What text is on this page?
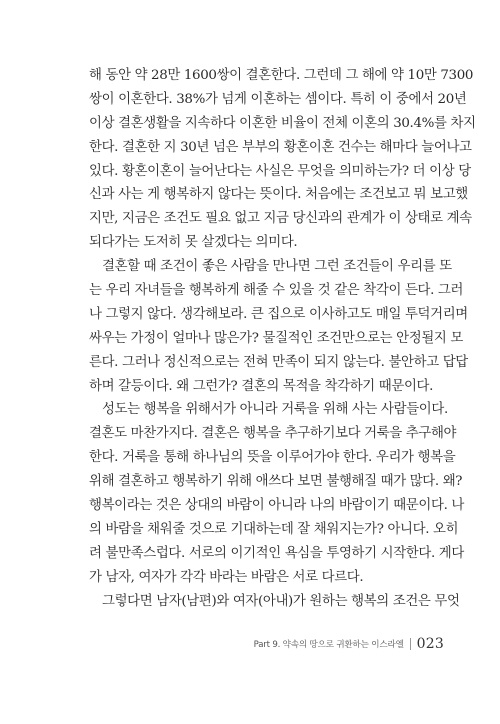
해 동안 약 28만 1600쌍이 결혼한다. 그런데 그 해에 약 10만 7300
쌍이 이혼한다. 38%가 넘게 이혼하는 셈이다. 특히 이 중에서 20년
이상 결혼생활을 지속하다 이혼한 비율이 전체 이혼의 30.4%를 차지
한다. 결혼한 지 30년 넘은 부부의 황혼이혼 건수는 해마다 늘어나고
있다. 황혼이혼이 늘어난다는 사실은 무엇을 의미하는가? 더 이상 당
신과 사는 게 행복하지 않다는 뜻이다. 처음에는 조건보고 뭐 보고했
지만, 지금은 조건도 필요 없고 지금 당신과의 관계가 이 상태로 계속
되다가는 도저히 못 살겠다는 의미다.
결혼할 때 조건이 좋은 사람을 만나면 그런 조건들이 우리를 또
는 우리 자녀들을 행복하게 해줄 수 있을 것 같은 착각이 든다. 그러
나 그렇지 않다. 생각해보라. 큰 집으로 이사하고도 매일 투덕거리며
싸우는 가정이 얼마나 많은가? 물질적인 조건만으로는 안정될지 모
른다. 그러나 정신적으로는 전혀 만족이 되지 않는다. 불안하고 답답
하며 갈등이다. 왜 그런가? 결혼의 목적을 착각하기 때문이다.
성도는 행복을 위해서가 아니라 거룩을 위해 사는 사람들이다.
결혼도 마찬가지다. 결혼은 행복을 추구하기보다 거룩을 추구해야
한다. 거룩을 통해 하나님의 뜻을 이루어가야 한다. 우리가 행복을
위해 결혼하고 행복하기 위해 애쓰다 보면 불행해질 때가 많다. 왜?
행복이라는 것은 상대의 바람이 아니라 나의 바람이기 때문이다. 나
의 바람을 채워줄 것으로 기대하는데 잘 채워지는가? 아니다. 오히
려 불만족스럽다. 서로의 이기적인 욕심을 투영하기 시작한다. 게다
가 남자, 여자가 각각 바라는 바람은 서로 다르다.
그렇다면 남자(남편)와 여자(아내)가 원하는 행복의 조건은 무엇
Part 9. 약속의 땅으로 귀환하는 이스라엘 023
